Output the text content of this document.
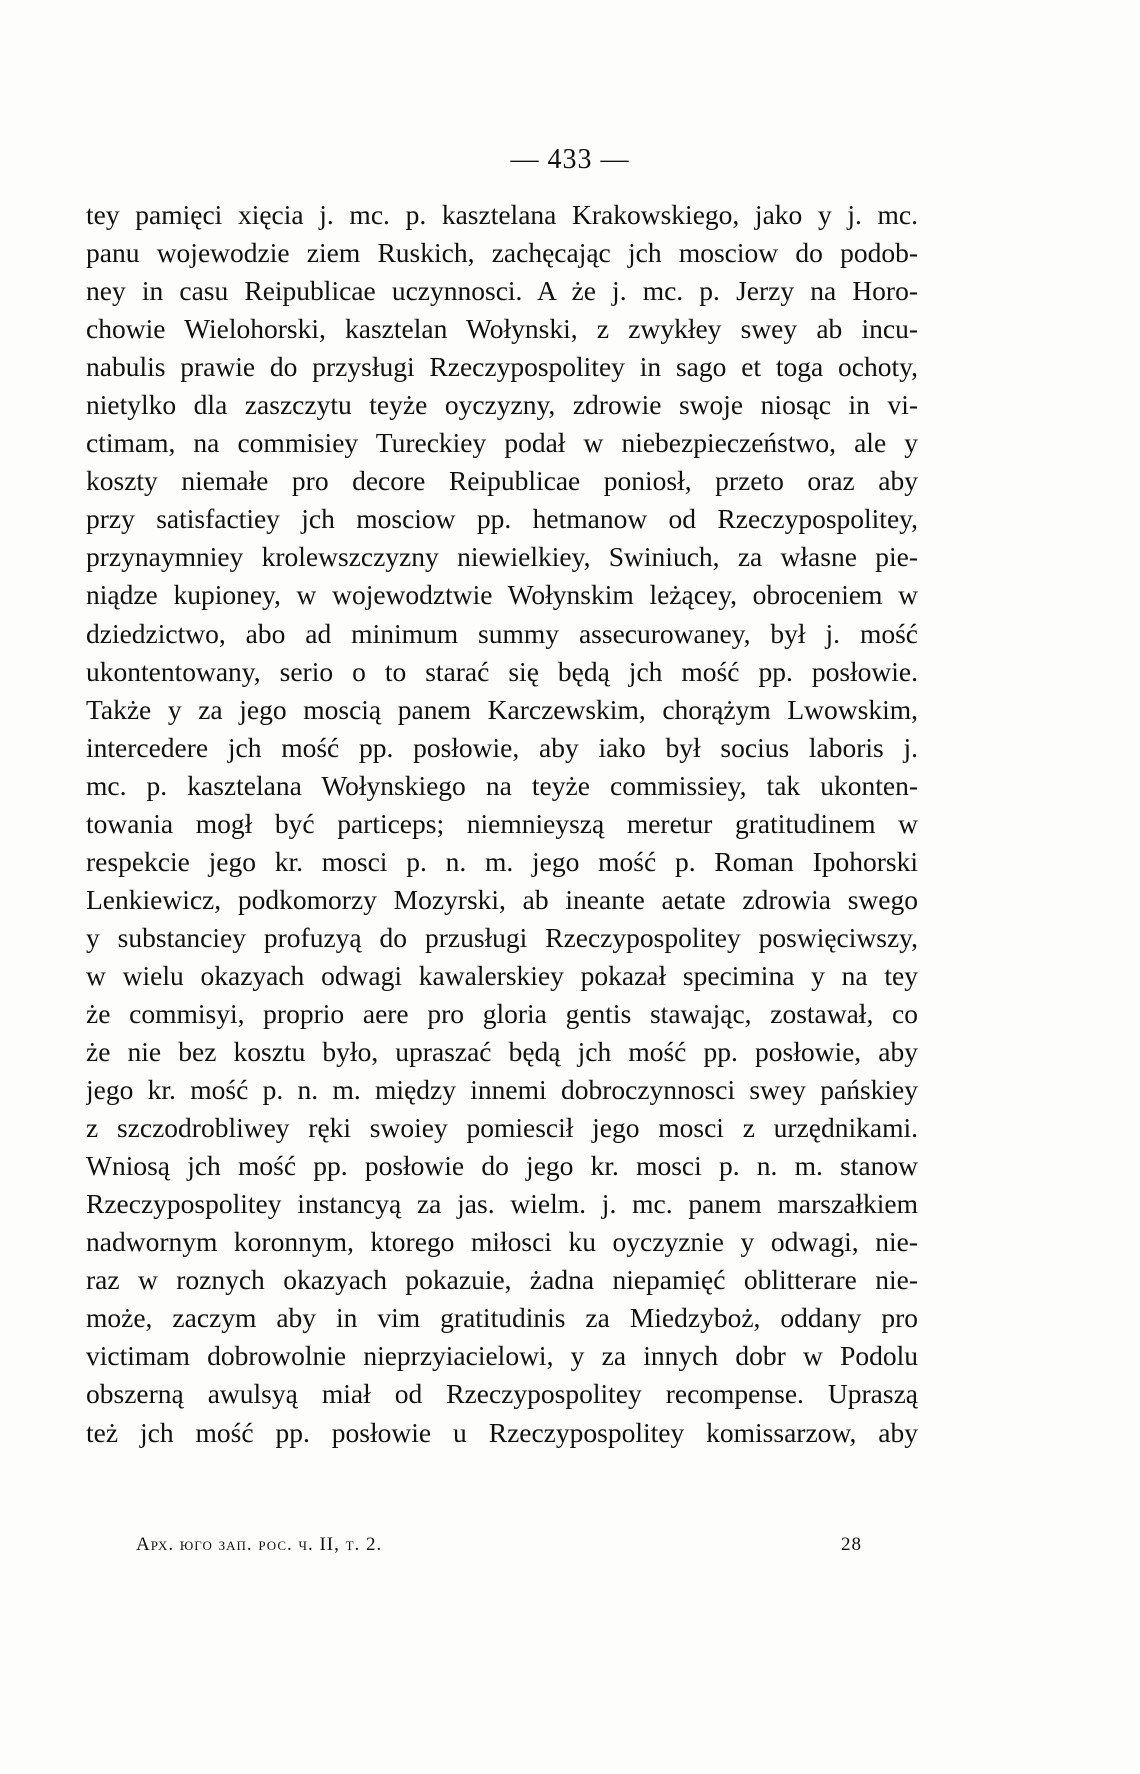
— 433 —
tey pamięci xięcia j. mc. p. kasztelana Krakowskiego, jako y j. mc.
panu wojewodzie ziem Ruskich, zachęcając jch mosciow do podob-
ney in casu Reipublicae uczynnosci. A że j. mc. p. Jerzy na Horo-
chowie Wielohorski, kasztelan Wołynski, z zwykłey swey ab incu-
nabulis prawie do przysługi Rzeczypospolitey in sago et toga ochoty,
nietylko dla zaszczytu teyże oyczyzny, zdrowie swoje niosąc in vi-
ctimam, na commisiey Tureckiey podał w niebezpieczeństwo, ale y
koszty niemałe pro decore Reipublicae poniosł, przeto oraz aby
przy satisfactiey jch mosciow pp. hetmanow od Rzeczypospolitey,
przynaymniey krolewszczyzny niewielkiey, Swiniuch, za własne pie-
niądze kupioney, w wojewodztwie Wołynskim leżącey, obroceniem w
dziedzictwo, abo ad minimum summy assecurowaney, był j. mość
ukontentowany, serio o to starać się będą jch mość pp. posłowie.
Także y za jego moscią panem Karczewskim, chorążym Lwowskim,
intercedere jch mość pp. posłowie, aby iako był socius laboris j.
mc. p. kasztelana Wołynskiego na teyże commissiey, tak ukonten-
towania mogł być particeps; niemnieyszą meretur gratitudinem w
respekcie jego kr. mosci p. n. m. jego mość p. Roman Ipohorski
Lenkiewicz, podkomorzy Mozyrski, ab ineante aetate zdrowia swego
y substanciey profuzyą do przusługi Rzeczypospolitey poswięciwszy,
w wielu okazyach odwagi kawalerskiey pokazał specimina y na tey
że commisyi, proprio aere pro gloria gentis stawając, zostawał, co
że nie bez kosztu było, upraszać będą jch mość pp. posłowie, aby
jego kr. mość p. n. m. między innemi dobroczynnosci swey pańskiey
z szczodrobliwey ręki swoiey pomiescił jego mosci z urzędnikami.
Wniosą jch mość pp. posłowie do jego kr. mosci p. n. m. stanow
Rzeczypospolitey instancyą za jas. wielm. j. mc. panem marszałkiem
nadwornym koronnym, ktorego miłosci ku oyczyznie y odwagi, nie-
raz w roznych okazyach pokazuie, żadna niepamięć oblitterare nie-
może, zaczym aby in vim gratitudinis za Miedzyboż, oddany pro
victimam dobrowolnie nieprzyiacielowi, y za innych dobr w Podolu
obszerną awulsyą miał od Rzeczypospolitey recompense. Upraszą
też jch mość pp. posłowie u Rzeczypospolitey komissarzow, aby
Арх. юго зап. рос. ч. II, т. 2.	28
